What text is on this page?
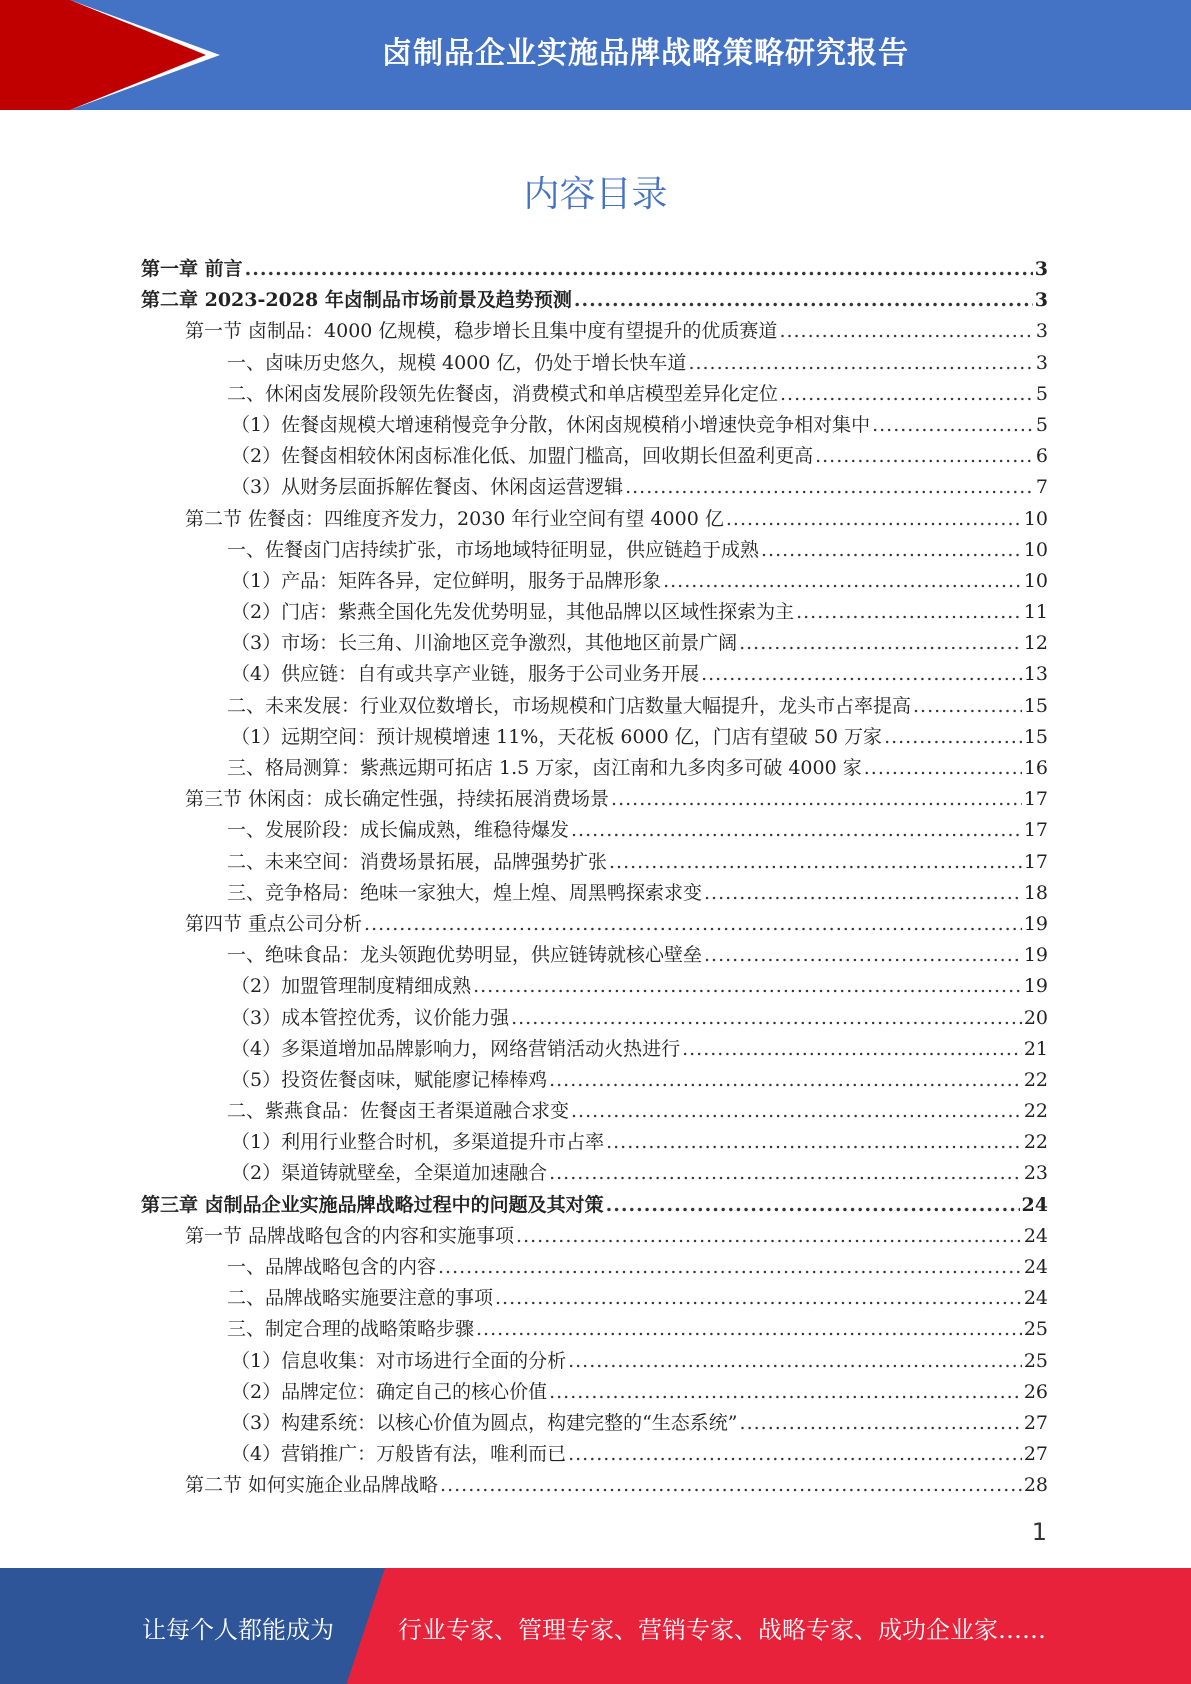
卤制品企业实施品牌战略策略研究报告
内容目录
第一章 前言 .....	3
第二章 2023-2028 年卤制品市场前景及趋势预测 .....	3
第一节 卤制品：4000 亿规模，稳步增长且集中度有望提升的优质赛道 .....	3
一、卤味历史悠久，规模 4000 亿，仍处于增长快车道 .....	3
二、休闲卤发展阶段领先佐餐卤，消费模式和单店模型差异化定位 .....	5
（1）佐餐卤规模大增速稍慢竞争分散，休闲卤规模稍小增速快竞争相对集中 .....	5
（2）佐餐卤相较休闲卤标准化低、加盟门槛高，回收期长但盈利更高 .....	6
（3）从财务层面拆解佐餐卤、休闲卤运营逻辑 .....	7
第二节 佐餐卤：四维度齐发力，2030 年行业空间有望 4000 亿 .....	10
一、佐餐卤门店持续扩张，市场地域特征明显，供应链趋于成熟 .....	10
（1）产品：矩阵各异，定位鲜明，服务于品牌形象 .....	10
（2）门店：紫燕全国化先发优势明显，其他品牌以区域性探索为主 .....	11
（3）市场：长三角、川渝地区竞争激烈，其他地区前景广阔 .....	12
（4）供应链：自有或共享产业链，服务于公司业务开展 .....	13
二、未来发展：行业双位数增长，市场规模和门店数量大幅提升，龙头市占率提高 .....	15
（1）远期空间：预计规模增速 11%，天花板 6000 亿，门店有望破 50 万家 .....	15
三、格局测算：紫燕远期可拓店 1.5 万家，卤江南和九多肉多可破 4000 家 .....	16
第三节 休闲卤：成长确定性强，持续拓展消费场景 .....	17
一、发展阶段：成长偏成熟，维稳待爆发 .....	17
二、未来空间：消费场景拓展，品牌强势扩张 .....	17
三、竞争格局：绝味一家独大，煌上煌、周黑鸭探索求变 .....	18
第四节 重点公司分析 .....	19
一、绝味食品：龙头领跑优势明显，供应链铸就核心壁垒 .....	19
（2）加盟管理制度精细成熟 .....	19
（3）成本管控优秀，议价能力强 .....	20
（4）多渠道增加品牌影响力，网络营销活动火热进行 .....	21
（5）投资佐餐卤味，赋能廖记棒棒鸡 .....	22
二、紫燕食品：佐餐卤王者渠道融合求变 .....	22
（1）利用行业整合时机，多渠道提升市占率 .....	22
（2）渠道铸就壁垒，全渠道加速融合 .....	23
第三章 卤制品企业实施品牌战略过程中的问题及其对策 .....	24
第一节 品牌战略包含的内容和实施事项 .....	24
一、品牌战略包含的内容 .....	24
二、品牌战略实施要注意的事项 .....	24
三、制定合理的战略策略步骤 .....	25
（1）信息收集：对市场进行全面的分析 .....	25
（2）品牌定位：确定自己的核心价值 .....	26
（3）构建系统：以核心价值为圆点，构建完整的“生态系统” .....	27
（4）营销推广：万般皆有法，唯利而已 .....	27
第二节 如何实施企业品牌战略 .....	28
1
让每个人都能成为	行业专家、管理专家、营销专家、战略专家、成功企业家……
